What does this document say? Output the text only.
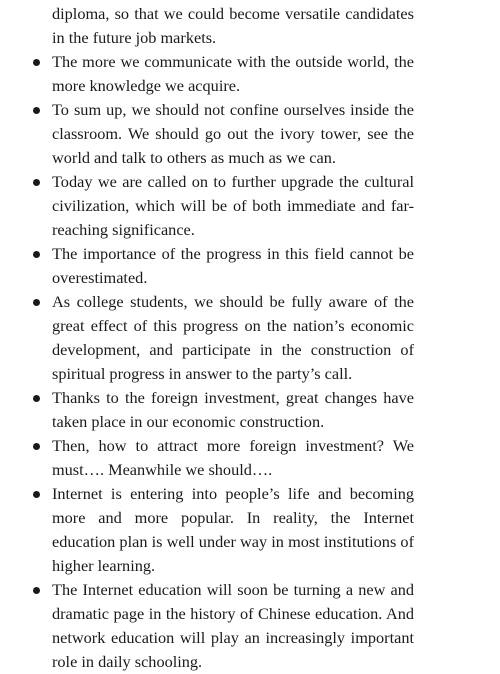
diploma, so that we could become versatile candidates in the future job markets.

The more we communicate with the outside world, the more knowledge we acquire.
To sum up, we should not confine ourselves inside the classroom. We should go out the ivory tower, see the world and talk to others as much as we can.
Today we are called on to further upgrade the cultural civilization, which will be of both immediate and far-reaching significance.
The importance of the progress in this field cannot be overestimated.
As college students, we should be fully aware of the great effect of this progress on the nation’s economic development, and participate in the construction of spiritual progress in answer to the party’s call.
Thanks to the foreign investment, great changes have taken place in our economic construction.
Then, how to attract more foreign investment? We must…. Meanwhile we should….
Internet is entering into people’s life and becoming more and more popular. In reality, the Internet education plan is well under way in most institutions of higher learning.
The Internet education will soon be turning a new and dramatic page in the history of Chinese education. And network education will play an increasingly important role in daily schooling.
